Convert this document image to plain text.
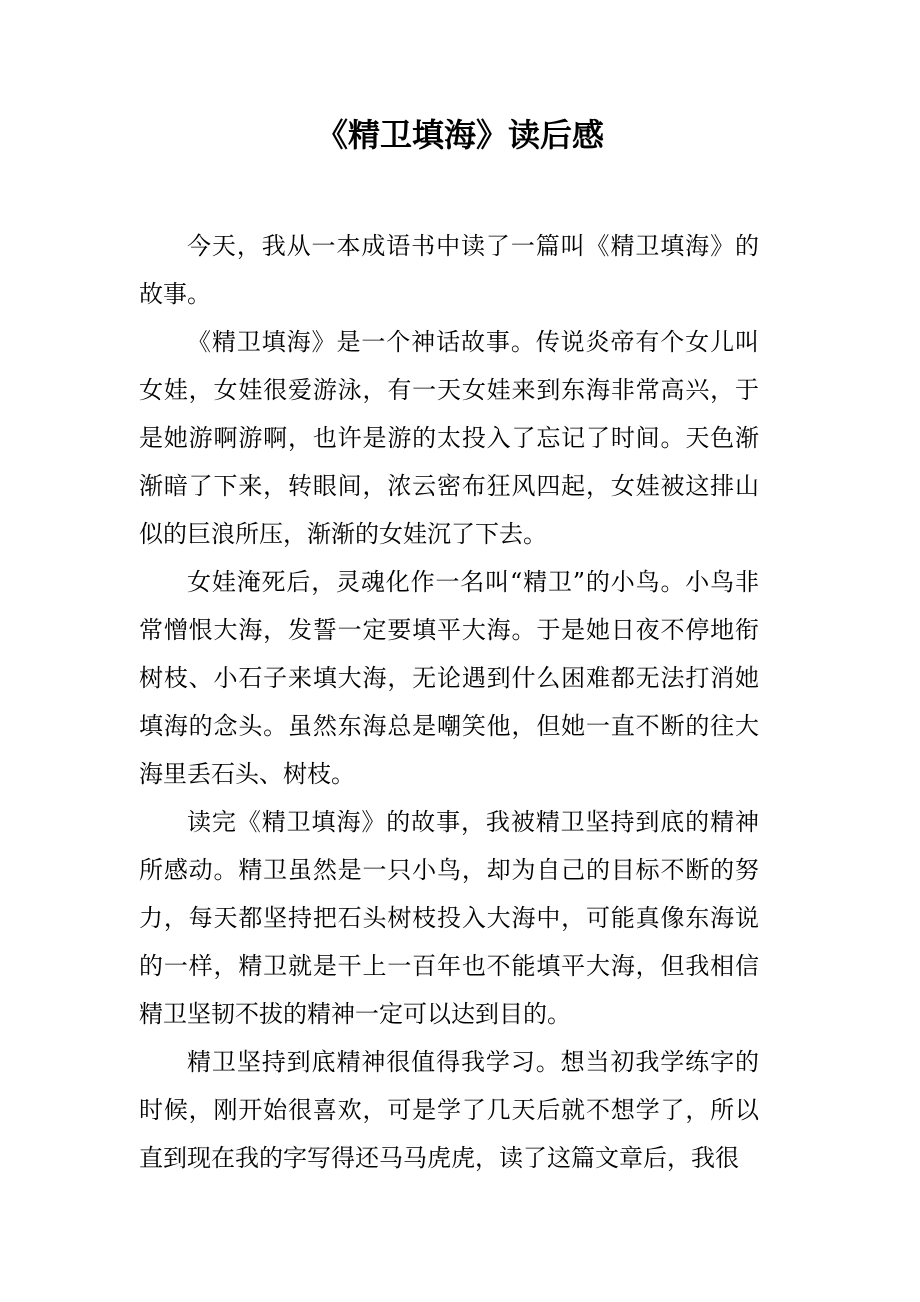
《精卫填海》读后感

今天，我从一本成语书中读了一篇叫《精卫填海》的故事。

《精卫填海》是一个神话故事。传说炎帝有个女儿叫女娃，女娃很爱游泳，有一天女娃来到东海非常高兴，于是她游啊游啊，也许是游的太投入了忘记了时间。天色渐渐暗了下来，转眼间，浓云密布狂风四起，女娃被这排山似的巨浪所压，渐渐的女娃沉了下去。

女娃淹死后，灵魂化作一名叫“精卫”的小鸟。小鸟非常憎恨大海，发誓一定要填平大海。于是她日夜不停地衔树枝、小石子来填大海，无论遇到什么困难都无法打消她填海的念头。虽然东海总是嘲笑他，但她一直不断的往大海里丢石头、树枝。

读完《精卫填海》的故事，我被精卫坚持到底的精神所感动。精卫虽然是一只小鸟，却为自己的目标不断的努力，每天都坚持把石头树枝投入大海中，可能真像东海说的一样，精卫就是干上一百年也不能填平大海，但我相信精卫坚韧不拔的精神一定可以达到目的。

精卫坚持到底精神很值得我学习。想当初我学练字的时候，刚开始很喜欢，可是学了几天后就不想学了，所以直到现在我的字写得还马马虎虎，读了这篇文章后，我很
